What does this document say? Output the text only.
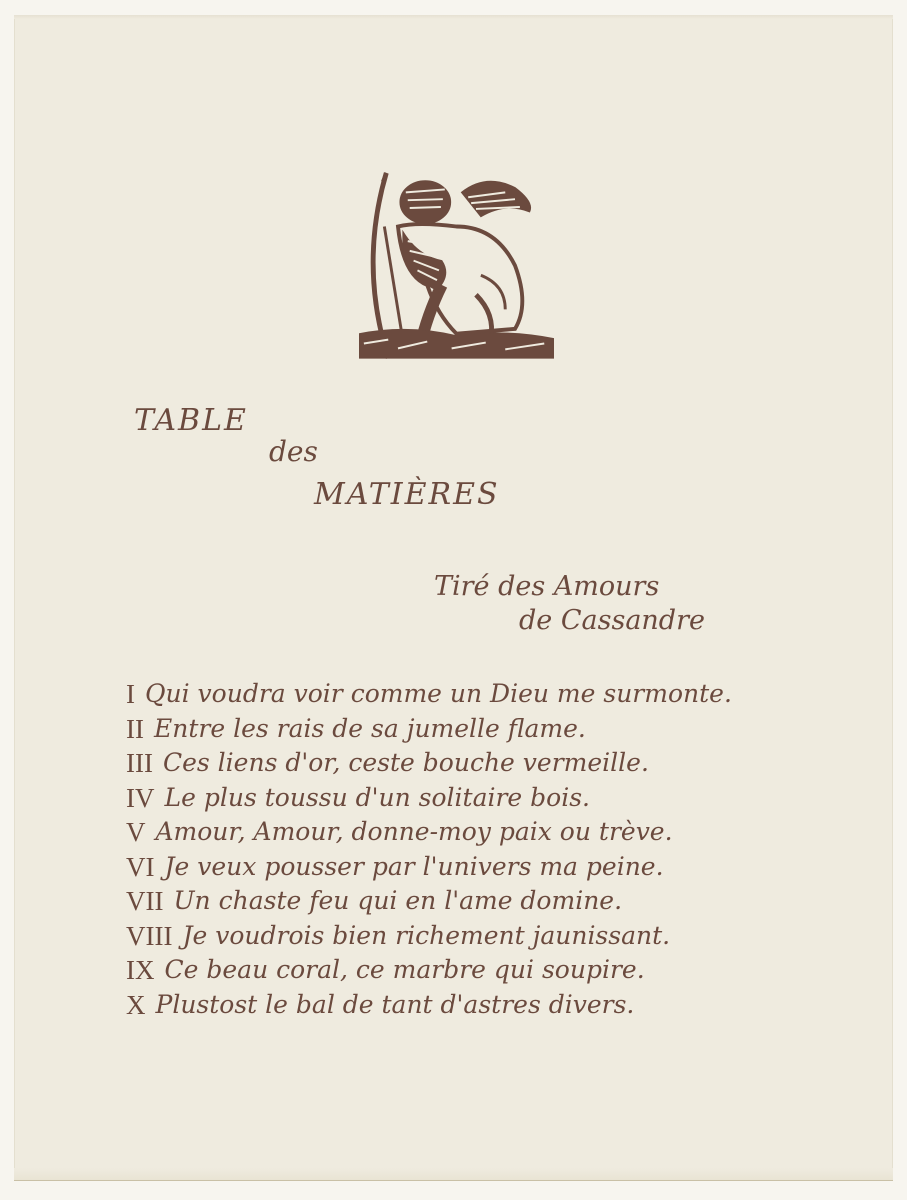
TABLE
des
MATIÈRES
Tiré des Amours
de Cassandre
I Qui voudra voir comme un Dieu me surmonte.
II Entre les rais de sa jumelle flame.
III Ces liens d'or, ceste bouche vermeille.
IV Le plus toussu d'un solitaire bois.
V Amour, Amour, donne-moy paix ou trève.
VI Je veux pousser par l'univers ma peine.
VII Un chaste feu qui en l'ame domine.
VIII Je voudrois bien richement jaunissant.
IX Ce beau coral, ce marbre qui soupire.
X Plustost le bal de tant d'astres divers.
